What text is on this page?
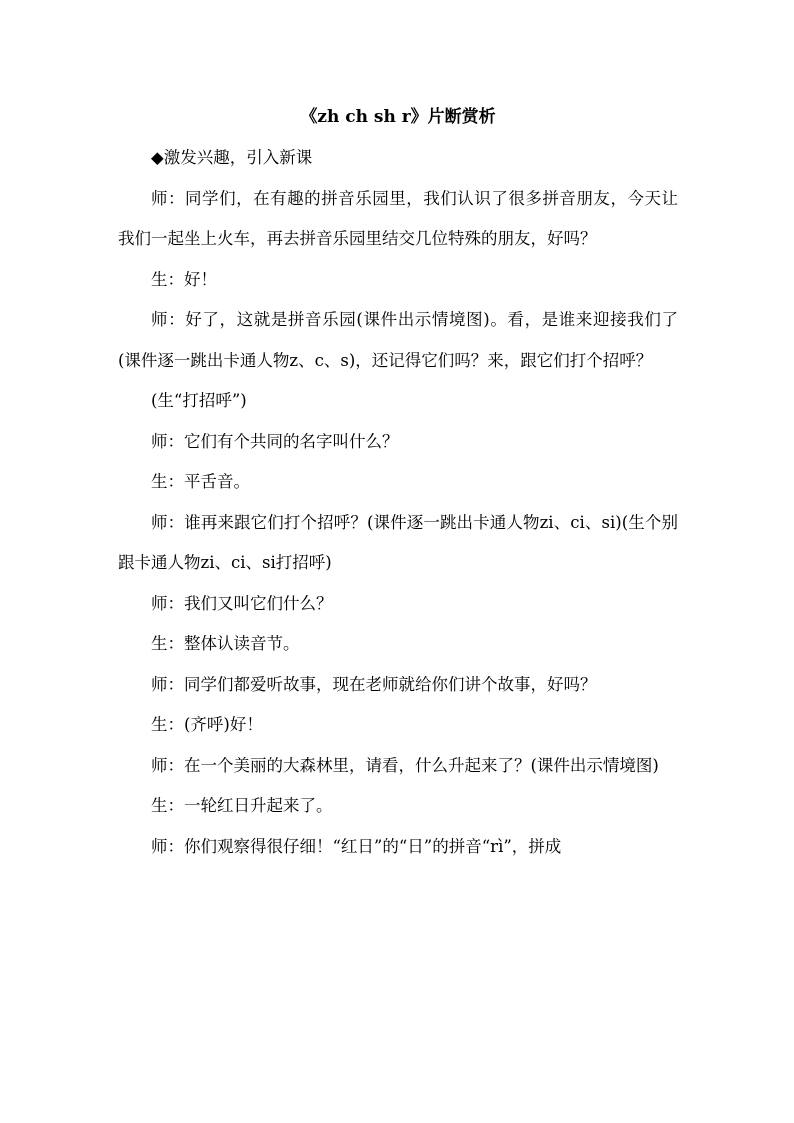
《zh ch sh r》片断赏析

◆激发兴趣，引入新课

师：同学们，在有趣的拼音乐园里，我们认识了很多拼音朋友，今天让我们一起坐上火车，再去拼音乐园里结交几位特殊的朋友，好吗？

生：好！

师：好了，这就是拼音乐园(课件出示情境图)。看，是谁来迎接我们了(课件逐一跳出卡通人物z、c、s)，还记得它们吗？来，跟它们打个招呼？

(生“打招呼”)

师：它们有个共同的名字叫什么？

生：平舌音。

师：谁再来跟它们打个招呼？(课件逐一跳出卡通人物zi、ci、si)(生个别跟卡通人物zi、ci、si打招呼)

师：我们又叫它们什么？

生：整体认读音节。

师：同学们都爱听故事，现在老师就给你们讲个故事，好吗？

生：(齐呼)好！

师：在一个美丽的大森林里，请看，什么升起来了？(课件出示情境图)

生：一轮红日升起来了。

师：你们观察得很仔细！“红日”的“日”的拼音“rì”，拼成
